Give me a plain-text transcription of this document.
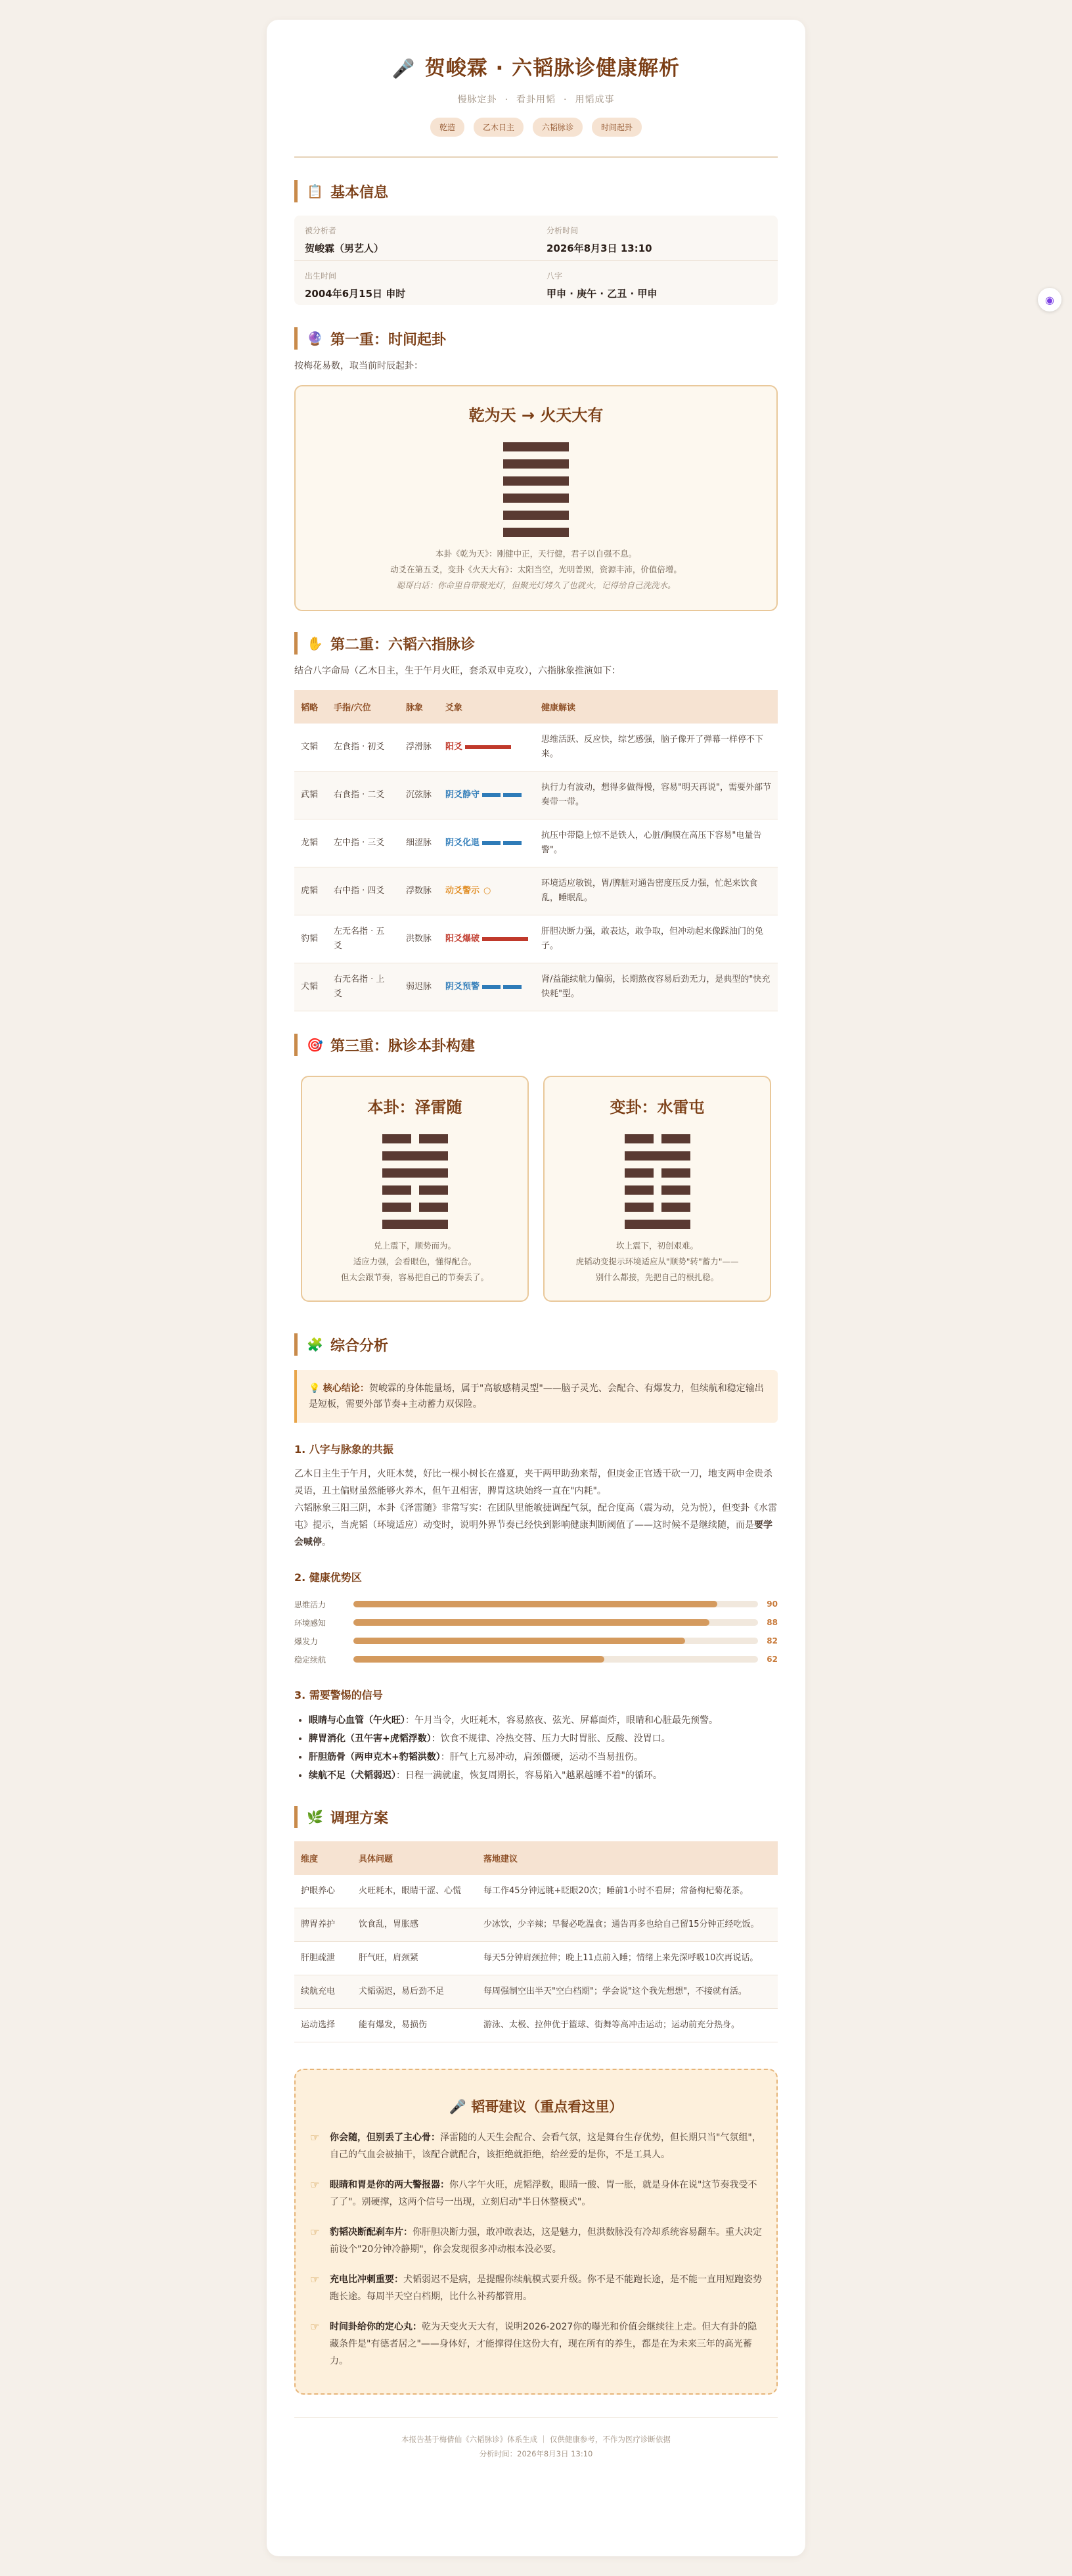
◉
🎤 贺峻霖 · 六韬脉诊健康解析
慢脉定卦 · 看卦用韬 · 用韬成事
乾造	乙木日主	六韬脉诊	时间起卦
📋 基本信息
被分析者
贺峻霖（男艺人）
分析时间
2026年8月3日 13:10
出生时间
2004年6月15日 申时
八字
甲申 · 庚午 · 乙丑 · 甲申
🔮 第一重：时间起卦
按梅花易数，取当前时辰起卦：
乾为天 → 火天大有
本卦《乾为天》：刚健中正，天行健，君子以自强不息。
动爻在第五爻，变卦《火天大有》：太阳当空，光明普照，资源丰沛，价值倍增。
聪哥白话：你命里自带聚光灯，但聚光灯烤久了也就火，记得给自己洗洗水。
✋ 第二重：六韬六指脉诊
结合八字命局（乙木日主，生于午月火旺，套杀双申克攻），六指脉象推演如下：
韬略	手指/穴位	脉象	爻象	健康解读
文韬	左食指 · 初爻	浮滑脉	阳爻	思维活跃、反应快，综艺感强，脑子像开了弹幕一样停不下来。
武韬	右食指 · 二爻	沉弦脉	阴爻静守	执行力有波动，想得多做得慢，容易"明天再说"，需要外部节奏带一带。
龙韬	左中指 · 三爻	细涩脉	阴爻化退	抗压中带隐上惊不是铁人，心脏/胸膜在高压下容易"电量告警"。
虎韬	右中指 · 四爻	浮数脉	动爻警示 ○	环境适应敏锐，胃/脾脏对通告密度压反力强，忙起来饮食乱，睡眠乱。
豹韬	左无名指 · 五爻	洪数脉	阳爻爆破	肝胆决断力强，敢表达，敢争取，但冲动起来像踩油门的兔子。
犬韬	右无名指 · 上爻	弱迟脉	阴爻预警	肾/益能续航力偏弱，长期熬夜容易后劲无力，是典型的"快充快耗"型。
🎯 第三重：脉诊本卦构建
本卦：泽雷随
兑上震下，顺势而为。
适应力强，会看眼色，懂得配合。
但太会跟节奏，容易把自己的节奏丢了。
变卦：水雷屯
坎上震下，初创艰难。
虎韬动变提示环境适应从"顺势"转"蓄力"——
别什么都接，先把自己的根扎稳。
🧩 综合分析
💡 核心结论：贺峻霖的身体能量场，属于"高敏感精灵型"——脑子灵光、会配合、有爆发力，但续航和稳定输出是短板，需要外部节奏+主动蓄力双保险。
1. 八字与脉象的共振
乙木日主生于午月，火旺木焚，好比一棵小树长在盛夏，夹干两甲助劲来帮，但庚金正官透干砍一刀，地支两申金贵杀灵语，丑土偏财虽然能够火养木，但午丑相害，脾胃这块始终一直在"内耗"。
六韬脉象三阳三阴，本卦《泽雷随》非常写实：在团队里能敏捷调配气氛，配合度高（震为动，兑为悦），但变卦《水雷屯》提示，当虎韬（环境适应）动变时，说明外界节奏已经快到影响健康判断阈值了——这时候不是继续随，而是要学会喊停。
2. 健康优势区
思维活力	90
环境感知	88
爆发力	82
稳定续航	62
3. 需要警惕的信号
• 眼睛与心血管（午火旺）：午月当令，火旺耗木，容易熬夜、弦光、屏幕面炸，眼睛和心脏最先预警。
• 脾胃消化（丑午害+虎韬浮数）：饮食不规律、冷热交替、压力大时胃胀、反酸、没胃口。
• 肝胆筋骨（两申克木+豹韬洪数）：肝气上亢易冲动，肩颈僵硬，运动不当易扭伤。
• 续航不足（犬韬弱迟）：日程一满就虚，恢复周期长，容易陷入"越累越睡不着"的循环。
🌿 调理方案
维度	具体问题	落地建议
护眼养心	火旺耗木，眼睛干涩、心慌	每工作45分钟远眺+眨眼20次；睡前1小时不看屏；常备枸杞菊花茶。
脾胃养护	饮食乱，胃胀感	少冰饮，少辛辣；早餐必吃温食；通告再多也给自己留15分钟正经吃饭。
肝胆疏泄	肝气旺，肩颈紧	每天5分钟肩颈拉伸；晚上11点前入睡；情绪上来先深呼吸10次再说话。
续航充电	犬韬弱迟，易后劲不足	每周强制空出半天"空白档期"；学会说"这个我先想想"，不接就有活。
运动选择	能有爆发，易损伤	游泳、太极、拉伸优于篮球、街舞等高冲击运动；运动前充分热身。
🎤 韬哥建议（重点看这里）
☞	你会随，但别丢了主心骨：泽雷随的人天生会配合、会看气氛，这是舞台生存优势，但长期只当"气氛组"，自己的气血会被抽干，该配合就配合，该拒绝就拒绝，给丝爱的是你，不是工具人。
☞	眼睛和胃是你的两大警报器：你八字午火旺，虎韬浮数，眼睛一酸、胃一胀，就是身体在说"这节奏我受不了了"。别硬撑，这两个信号一出现，立刻启动"半日休整模式"。
☞	豹韬决断配刹车片：你肝胆决断力强，敢冲敢表达，这是魅力，但洪数脉没有冷却系统容易翻车。重大决定前设个"20分钟冷静期"，你会发现很多冲动根本没必要。
☞	充电比冲刺重要：犬韬弱迟不是病，是提醒你续航模式要升级。你不是不能跑长途，是不能一直用短跑姿势跑长途。每周半天空白档期，比什么补药都管用。
☞	时间卦给你的定心丸：乾为天变火天大有，说明2026-2027你的曝光和价值会继续往上走。但大有卦的隐藏条件是"有德者居之"——身体好，才能撑得住这份大有，现在所有的养生，都是在为未来三年的高光蓄力。
本报告基于梅倩仙《六韬脉诊》体系生成 ｜ 仅供健康参考，不作为医疗诊断依据
分析时间：2026年8月3日 13:10
